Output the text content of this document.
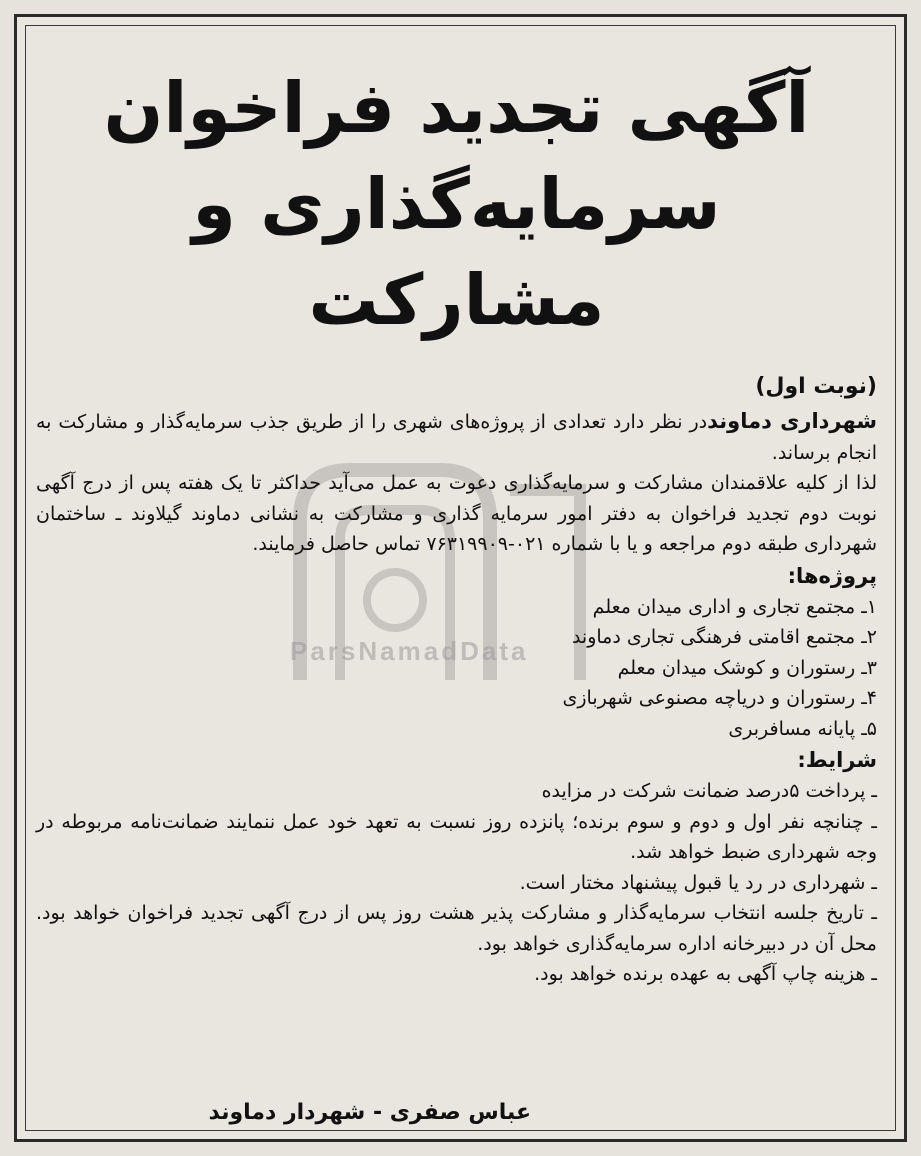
ParsNamadData
آگهی تجدید فراخوان
سرمایه‌گذاری و مشارکت
(نوبت اول)

شهرداری دماونددر نظر دارد تعدادی از پروژه‌های شهری را از طریق جذب سرمایه‌گذار و مشارکت به انجام برساند.

لذا از کلیه علاقمندان مشارکت و سرمایه‌گذاری دعوت به عمل می‌آید حداکثر تا یک هفته پس از درج آگهی نوبت دوم تجدید فراخوان به دفتر امور سرمایه گذاری و مشارکت به نشانی دماوند گیلاوند ـ ساختمان شهرداری طبقه دوم مراجعه و یا با شماره ۰۲۱-۷۶۳۱۹۹۰۹ تماس حاصل فرمایند.

پروژه‌ها:
۱ـ مجتمع تجاری و اداری میدان معلم
۲ـ مجتمع اقامتی فرهنگی تجاری دماوند
۳ـ رستوران و کوشک میدان معلم
۴ـ رستوران و دریاچه مصنوعی شهربازی
۵ـ پایانه مسافربری
شرایط:
ـ پرداخت ۵درصد ضمانت شرکت در مزایده
ـ چنانچه نفر اول و دوم و سوم برنده؛ پانزده روز نسبت به تعهد خود عمل ننمایند ضمانت‌نامه مربوطه در وجه شهرداری ضبط خواهد شد.
ـ شهرداری در رد یا قبول پیشنهاد مختار است.
ـ تاریخ جلسه انتخاب سرمایه‌گذار و مشارکت پذیر هشت روز پس از درج آگهی تجدید فراخوان خواهد بود. محل آن در دبیرخانه اداره سرمایه‌گذاری خواهد بود.
ـ هزینه چاپ آگهی به عهده برنده خواهد بود.
عباس صفری - شهردار دماوند
